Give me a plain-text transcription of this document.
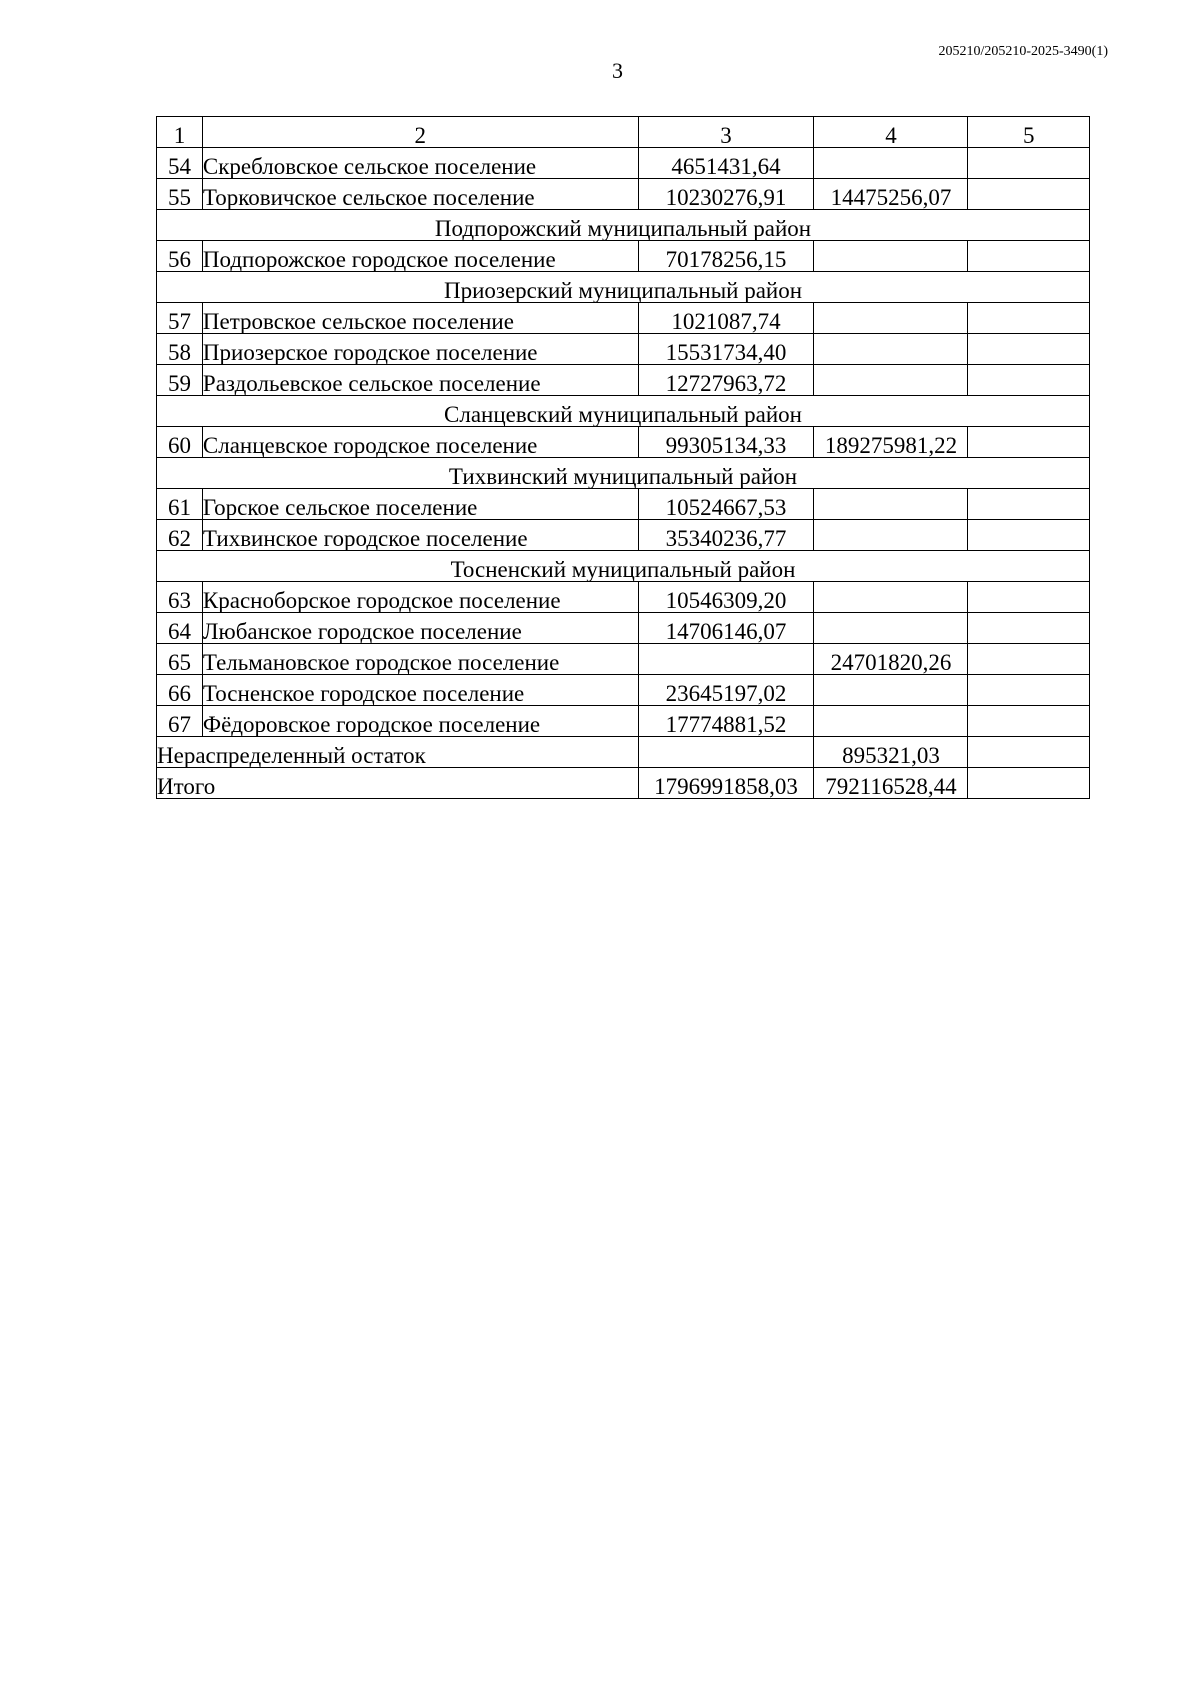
205210/205210-2025-3490(1)
3
1	2	3	4	5
54	Скребловское сельское поселение	4651431,64		
55	Торковичское сельское поселение	10230276,91	14475256,07	
Подпорожский муниципальный район				
56	Подпорожское городское поселение	70178256,15		
Приозерский муниципальный район				
57	Петровское сельское поселение	1021087,74		
58	Приозерское городское поселение	15531734,40		
59	Раздольевское сельское поселение	12727963,72		
Сланцевский муниципальный район				
60	Сланцевское городское поселение	99305134,33	189275981,22	
Тихвинский муниципальный район				
61	Горское сельское поселение	10524667,53		
62	Тихвинское городское поселение	35340236,77		
Тосненский муниципальный район				
63	Красноборское городское поселение	10546309,20		
64	Любанское городское поселение	14706146,07		
65	Тельмановское городское поселение		24701820,26	
66	Тосненское городское поселение	23645197,02		
67	Фёдоровское городское поселение	17774881,52		
Нераспределенный остаток			895321,03	
Итого		1796991858,03	792116528,44	
